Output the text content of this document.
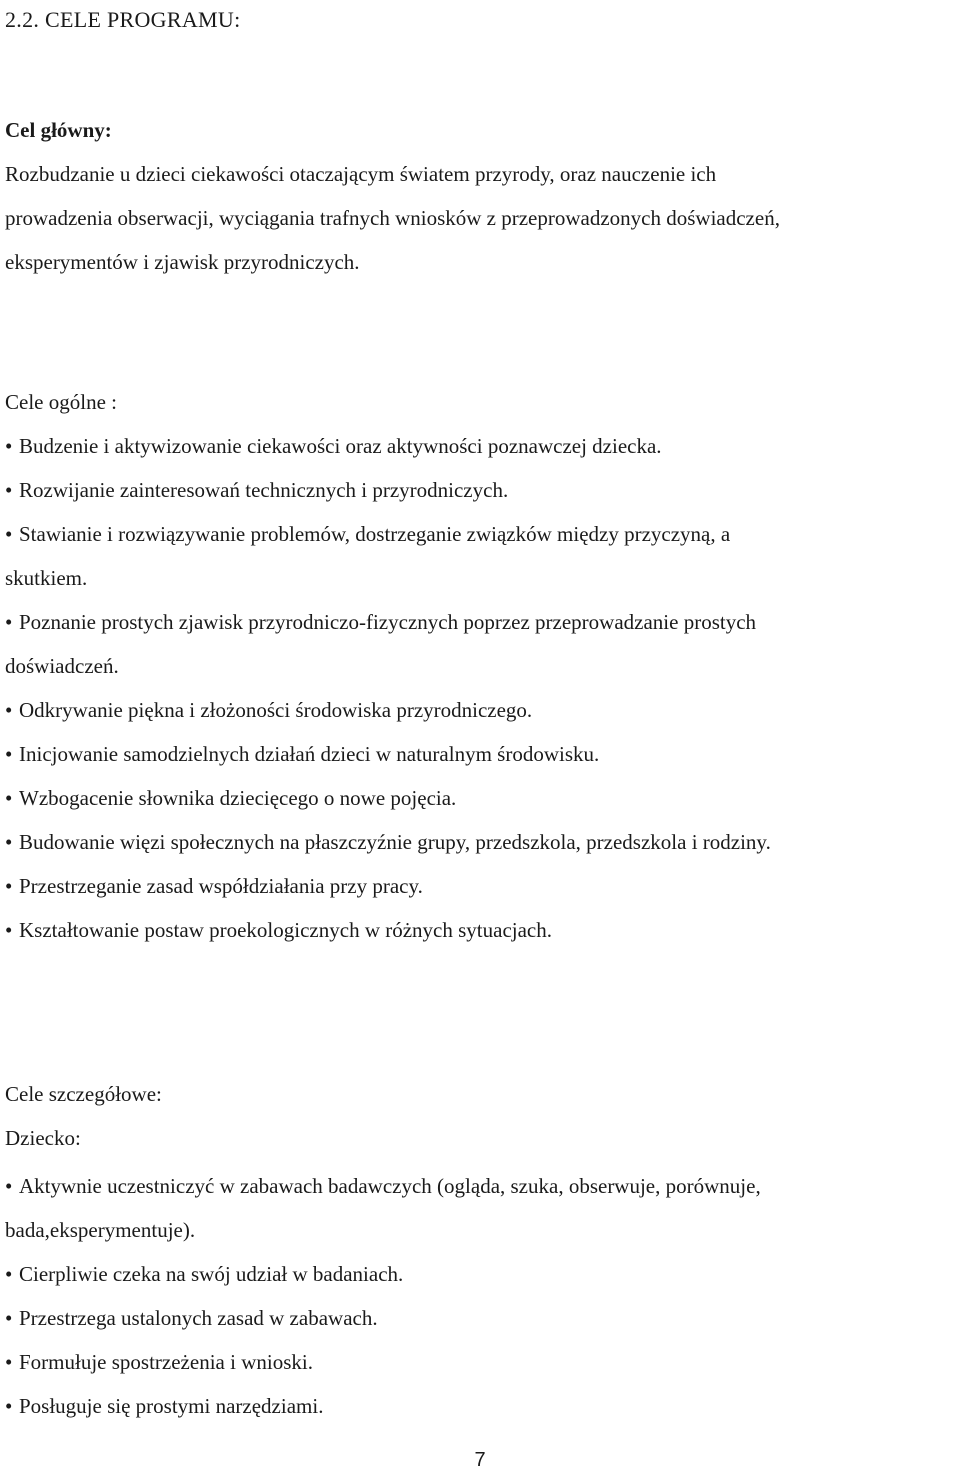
2.2. CELE PROGRAMU:
Cel główny:
Rozbudzanie u dzieci ciekawości otaczającym światem przyrody, oraz nauczenie ich
prowadzenia obserwacji, wyciągania trafnych wniosków z przeprowadzonych doświadczeń,
eksperymentów i zjawisk przyrodniczych.
Cele ogólne :
• Budzenie i aktywizowanie ciekawości oraz aktywności poznawczej dziecka.
• Rozwijanie zainteresowań technicznych i przyrodniczych.
• Stawianie i rozwiązywanie problemów, dostrzeganie związków między przyczyną, a
skutkiem.
• Poznanie prostych zjawisk przyrodniczo-fizycznych poprzez przeprowadzanie prostych
doświadczeń.
• Odkrywanie piękna i złożoności środowiska przyrodniczego.
• Inicjowanie samodzielnych działań dzieci w naturalnym środowisku.
• Wzbogacenie słownika dziecięcego o nowe pojęcia.
• Budowanie więzi społecznych na płaszczyźnie grupy, przedszkola, przedszkola i rodziny.
• Przestrzeganie zasad współdziałania przy pracy.
• Kształtowanie postaw proekologicznych w różnych sytuacjach.
Cele szczegółowe:
Dziecko:
• Aktywnie uczestniczyć w zabawach badawczych (ogląda, szuka, obserwuje, porównuje,
bada,eksperymentuje).
• Cierpliwie czeka na swój udział w badaniach.
• Przestrzega ustalonych zasad w zabawach.
• Formułuje spostrzeżenia i wnioski.
• Posługuje się prostymi narzędziami.
7
